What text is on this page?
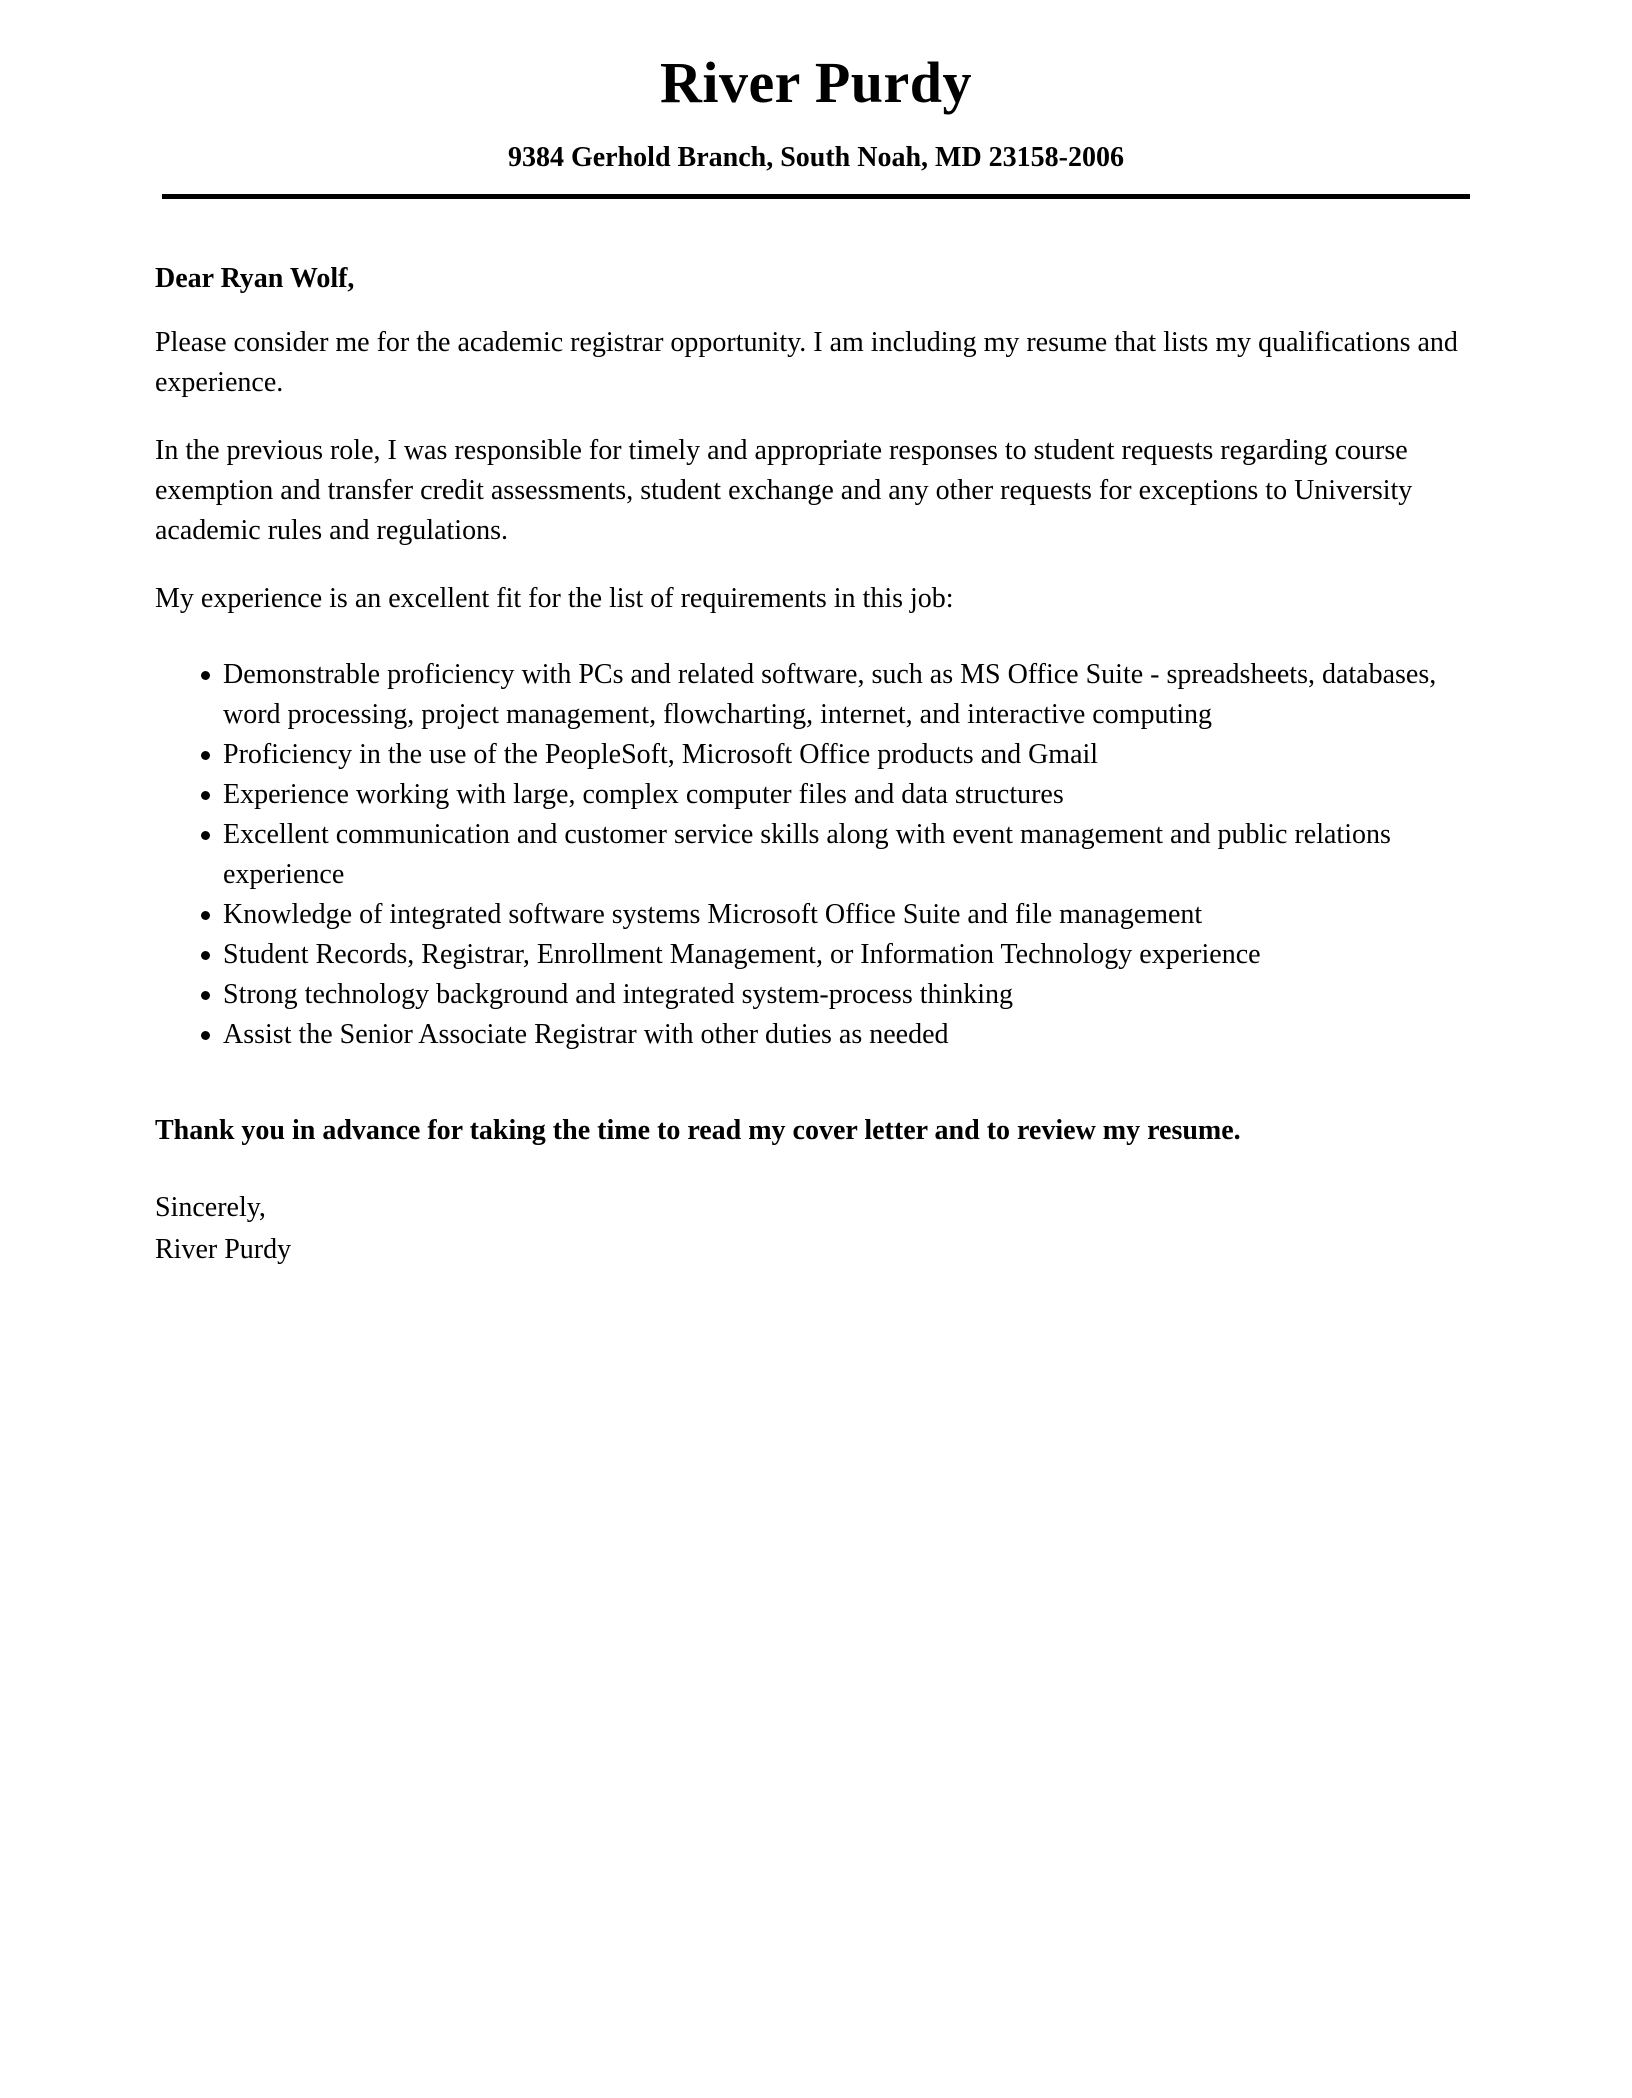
River Purdy
9384 Gerhold Branch, South Noah, MD 23158-2006

Dear Ryan Wolf,

Please consider me for the academic registrar opportunity. I am including my resume that lists my qualifications and experience.

In the previous role, I was responsible for timely and appropriate responses to student requests regarding course exemption and transfer credit assessments, student exchange and any other requests for exceptions to University academic rules and regulations.

My experience is an excellent fit for the list of requirements in this job:

Demonstrable proficiency with PCs and related software, such as MS Office Suite - spreadsheets, databases, word processing, project management, flowcharting, internet, and interactive computing
Proficiency in the use of the PeopleSoft, Microsoft Office products and Gmail
Experience working with large, complex computer files and data structures
Excellent communication and customer service skills along with event management and public relations experience
Knowledge of integrated software systems Microsoft Office Suite and file management
Student Records, Registrar, Enrollment Management, or Information Technology experience
Strong technology background and integrated system-process thinking
Assist the Senior Associate Registrar with other duties as needed

Thank you in advance for taking the time to read my cover letter and to review my resume.

Sincerely,
River Purdy
